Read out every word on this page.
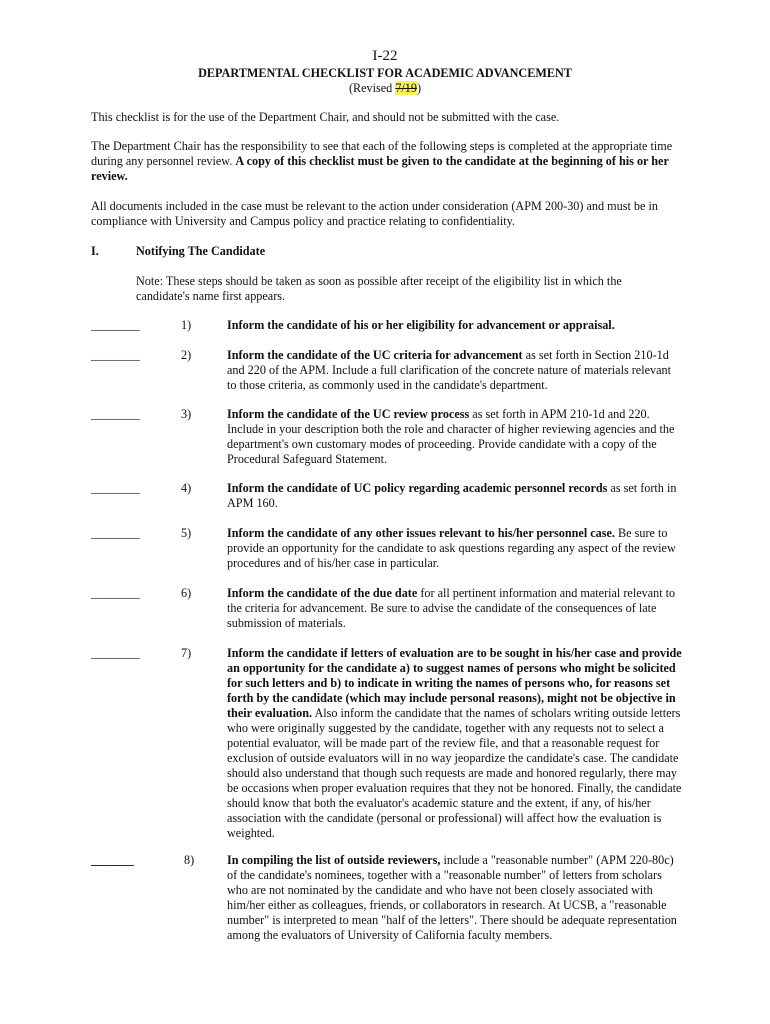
I-22
DEPARTMENTAL CHECKLIST FOR ACADEMIC ADVANCEMENT
(Revised 7/19)
This checklist is for the use of the Department Chair, and should not be submitted with the case.
The Department Chair has the responsibility to see that each of the following steps is completed at the appropriate time during any personnel review. A copy of this checklist must be given to the candidate at the beginning of his or her review.
All documents included in the case must be relevant to the action under consideration (APM 200-30) and must be in compliance with University and Campus policy and practice relating to confidentiality.
I.	Notifying The Candidate
Note: These steps should be taken as soon as possible after receipt of the eligibility list in which the candidate's name first appears.
________	1)	Inform the candidate of his or her eligibility for advancement or appraisal.
________	2)	Inform the candidate of the UC criteria for advancement as set forth in Section 210-1d and 220 of the APM. Include a full clarification of the concrete nature of materials relevant to those criteria, as commonly used in the candidate's department.
________	3)	Inform the candidate of the UC review process as set forth in APM 210-1d and 220. Include in your description both the role and character of higher reviewing agencies and the department's own customary modes of proceeding. Provide candidate with a copy of the Procedural Safeguard Statement.
________	4)	Inform the candidate of UC policy regarding academic personnel records as set forth in APM 160.
________	5)	Inform the candidate of any other issues relevant to his/her personnel case. Be sure to provide an opportunity for the candidate to ask questions regarding any aspect of the review procedures and of his/her case in particular.
________	6)	Inform the candidate of the due date for all pertinent information and material relevant to the criteria for advancement. Be sure to advise the candidate of the consequences of late submission of materials.
________	7)	Inform the candidate if letters of evaluation are to be sought in his/her case and provide an opportunity for the candidate a) to suggest names of persons who might be solicited for such letters and b) to indicate in writing the names of persons who, for reasons set forth by the candidate (which may include personal reasons), might not be objective in their evaluation. Also inform the candidate that the names of scholars writing outside letters who were originally suggested by the candidate, together with any requests not to select a potential evaluator, will be made part of the review file, and that a reasonable request for exclusion of outside evaluators will in no way jeopardize the candidate's case. The candidate should also understand that though such requests are made and honored regularly, there may be occasions when proper evaluation requires that they not be honored. Finally, the candidate should know that both the evaluator's academic stature and the extent, if any, of his/her association with the candidate (personal or professional) will affect how the evaluation is weighted.
_______	8)	In compiling the list of outside reviewers, include a "reasonable number" (APM 220-80c) of the candidate's nominees, together with a "reasonable number" of letters from scholars who are not nominated by the candidate and who have not been closely associated with him/her either as colleagues, friends, or collaborators in research. At UCSB, a "reasonable number" is interpreted to mean "half of the letters". There should be adequate representation among the evaluators of University of California faculty members.
